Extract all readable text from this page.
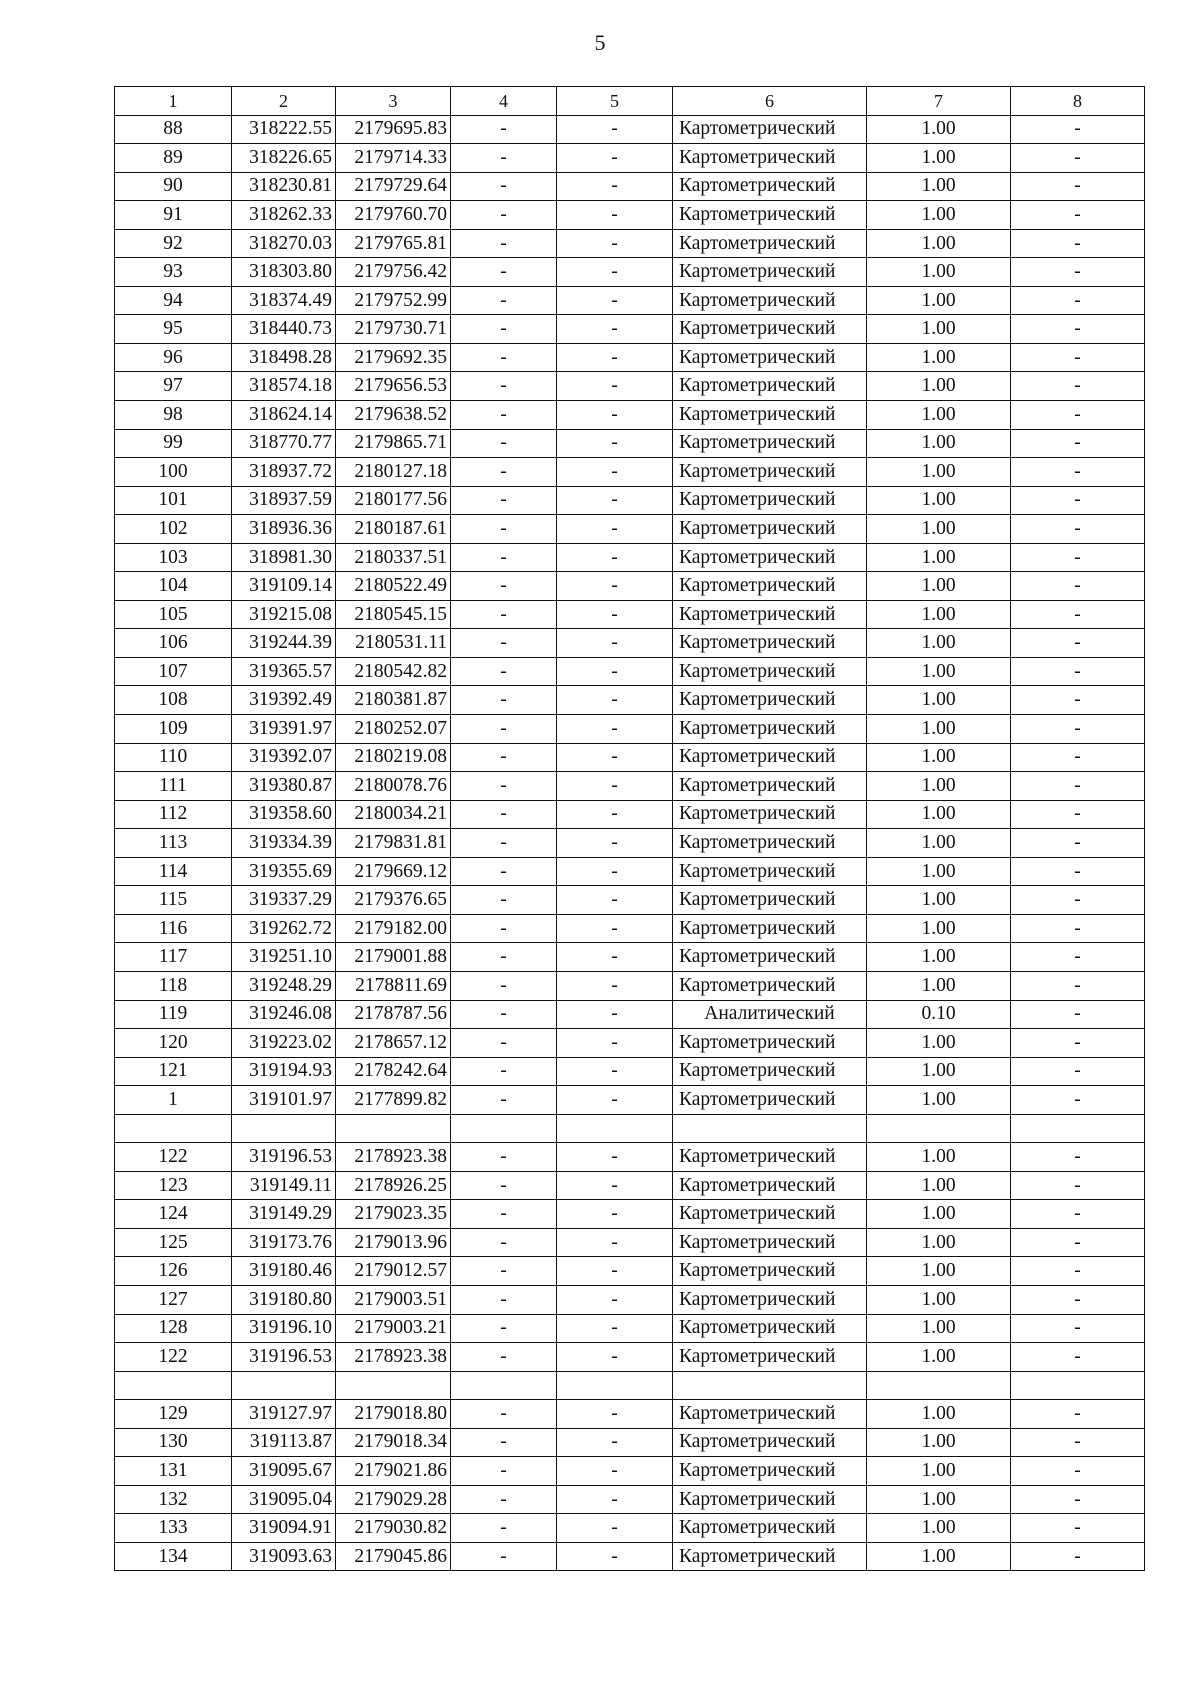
5
1	2	3	4	5	6	7	8
88	318222.55	2179695.83	-	-	Картометрический	1.00	-
89	318226.65	2179714.33	-	-	Картометрический	1.00	-
90	318230.81	2179729.64	-	-	Картометрический	1.00	-
91	318262.33	2179760.70	-	-	Картометрический	1.00	-
92	318270.03	2179765.81	-	-	Картометрический	1.00	-
93	318303.80	2179756.42	-	-	Картометрический	1.00	-
94	318374.49	2179752.99	-	-	Картометрический	1.00	-
95	318440.73	2179730.71	-	-	Картометрический	1.00	-
96	318498.28	2179692.35	-	-	Картометрический	1.00	-
97	318574.18	2179656.53	-	-	Картометрический	1.00	-
98	318624.14	2179638.52	-	-	Картометрический	1.00	-
99	318770.77	2179865.71	-	-	Картометрический	1.00	-
100	318937.72	2180127.18	-	-	Картометрический	1.00	-
101	318937.59	2180177.56	-	-	Картометрический	1.00	-
102	318936.36	2180187.61	-	-	Картометрический	1.00	-
103	318981.30	2180337.51	-	-	Картометрический	1.00	-
104	319109.14	2180522.49	-	-	Картометрический	1.00	-
105	319215.08	2180545.15	-	-	Картометрический	1.00	-
106	319244.39	2180531.11	-	-	Картометрический	1.00	-
107	319365.57	2180542.82	-	-	Картометрический	1.00	-
108	319392.49	2180381.87	-	-	Картометрический	1.00	-
109	319391.97	2180252.07	-	-	Картометрический	1.00	-
110	319392.07	2180219.08	-	-	Картометрический	1.00	-
111	319380.87	2180078.76	-	-	Картометрический	1.00	-
112	319358.60	2180034.21	-	-	Картометрический	1.00	-
113	319334.39	2179831.81	-	-	Картометрический	1.00	-
114	319355.69	2179669.12	-	-	Картометрический	1.00	-
115	319337.29	2179376.65	-	-	Картометрический	1.00	-
116	319262.72	2179182.00	-	-	Картометрический	1.00	-
117	319251.10	2179001.88	-	-	Картометрический	1.00	-
118	319248.29	2178811.69	-	-	Картометрический	1.00	-
119	319246.08	2178787.56	-	-	Аналитический	0.10	-
120	319223.02	2178657.12	-	-	Картометрический	1.00	-
121	319194.93	2178242.64	-	-	Картометрический	1.00	-
1	319101.97	2177899.82	-	-	Картометрический	1.00	-

122	319196.53	2178923.38	-	-	Картометрический	1.00	-
123	319149.11	2178926.25	-	-	Картометрический	1.00	-
124	319149.29	2179023.35	-	-	Картометрический	1.00	-
125	319173.76	2179013.96	-	-	Картометрический	1.00	-
126	319180.46	2179012.57	-	-	Картометрический	1.00	-
127	319180.80	2179003.51	-	-	Картометрический	1.00	-
128	319196.10	2179003.21	-	-	Картометрический	1.00	-
122	319196.53	2178923.38	-	-	Картометрический	1.00	-

129	319127.97	2179018.80	-	-	Картометрический	1.00	-
130	319113.87	2179018.34	-	-	Картометрический	1.00	-
131	319095.67	2179021.86	-	-	Картометрический	1.00	-
132	319095.04	2179029.28	-	-	Картометрический	1.00	-
133	319094.91	2179030.82	-	-	Картометрический	1.00	-
134	319093.63	2179045.86	-	-	Картометрический	1.00	-
